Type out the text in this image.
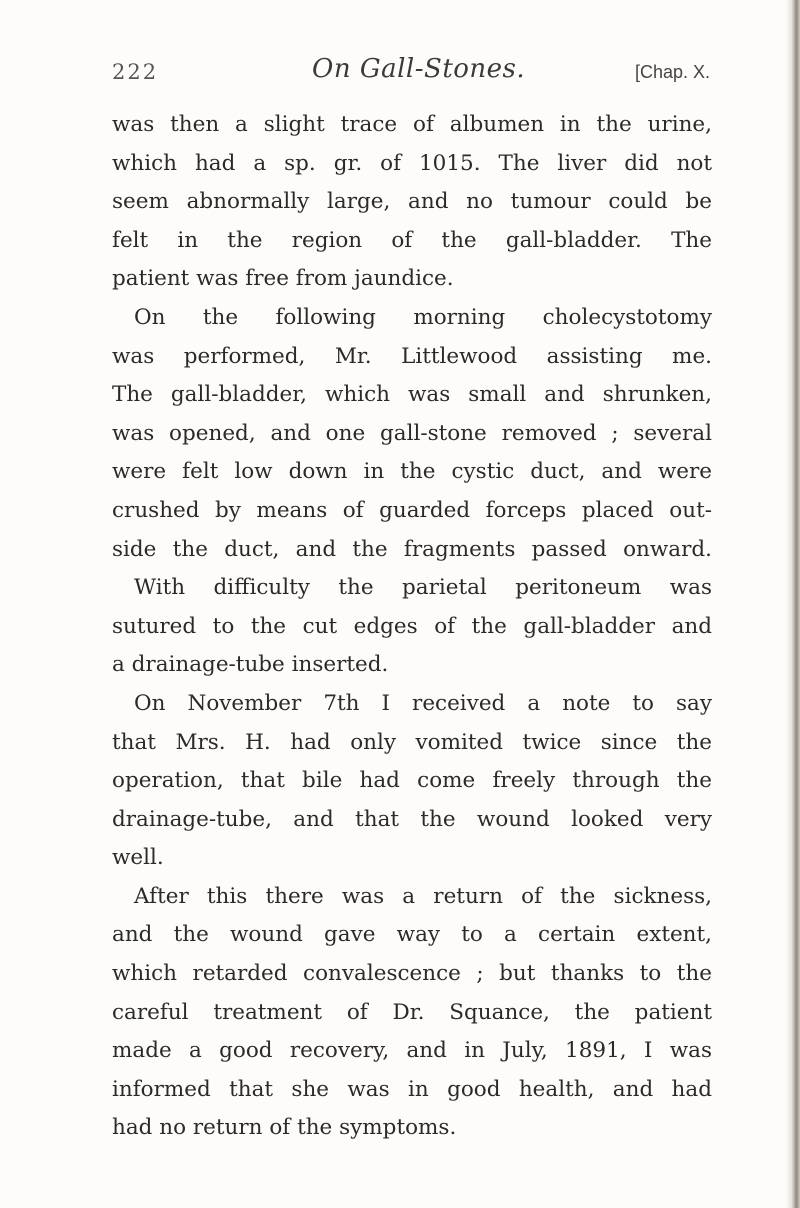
222	On Gall-Stones.	[Chap. X.
was then a slight trace of albumen in the urine,
which had a sp. gr. of 1015. The liver did not
seem abnormally large, and no tumour could be
felt in the region of the gall-bladder. The
patient was free from jaundice.
On the following morning cholecystotomy
was performed, Mr. Littlewood assisting me.
The gall-bladder, which was small and shrunken,
was opened, and one gall-stone removed ; several
were felt low down in the cystic duct, and were
crushed by means of guarded forceps placed out-
side the duct, and the fragments passed onward.
With difficulty the parietal peritoneum was
sutured to the cut edges of the gall-bladder and
a drainage-tube inserted.
On November 7th I received a note to say
that Mrs. H. had only vomited twice since the
operation, that bile had come freely through the
drainage-tube, and that the wound looked very
well.
After this there was a return of the sickness,
and the wound gave way to a certain extent,
which retarded convalescence ; but thanks to the
careful treatment of Dr. Squance, the patient
made a good recovery, and in July, 1891, I was
informed that she was in good health, and had
had no return of the symptoms.
